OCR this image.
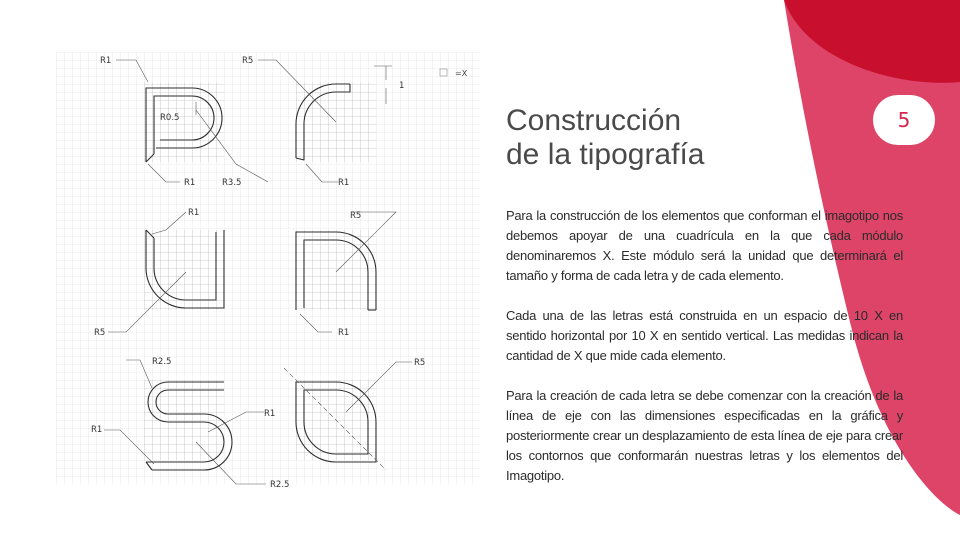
5
=X
R1
R0.5
R1	R3.5
R5
1
R1
R1
R5
R5
R1
R2.5
R1
R1
R2.5
R5
Construcción
de la tipografía

Para la construcción de los elementos que conforman el imagotipo nos debemos apoyar de una cuadrícula en la que cada módulo denominaremos X. Este módulo será la unidad que determinará el tamaño y forma de cada letra y de cada elemento.

Cada una de las letras está construida en un espacio de 10 X en sentido horizontal por 10 X en sentido vertical. Las medidas indican la cantidad de X que mide cada elemento.

Para la creación de cada letra se debe comenzar con la creación de la línea de eje con las dimensiones especificadas en la gráfica y posteriormente crear un desplazamiento de esta línea de eje para crear los contornos que conformarán nuestras letras y los elementos del Imagotipo.
